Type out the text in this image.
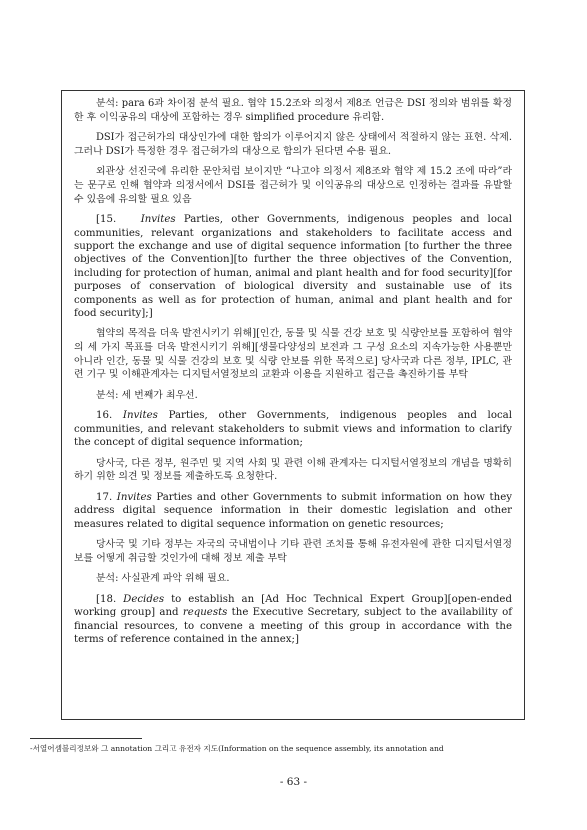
분석: para 6과 차이점 분석 필요. 협약 15.2조와 의정서 제8조 언급은 DSI 정의와 범위를 확정한 후 이익공유의 대상에 포함하는 경우 simplified procedure 유리함.

DSI가 접근허가의 대상인가에 대한 합의가 이루어지지 않은 상태에서 적절하지 않는 표현. 삭제. 그러나 DSI가 특정한 경우 접근허가의 대상으로 합의가 된다면 수용 필요.

외관상 선진국에 유리한 문안처럼 보이지만 “나고야 의정서 제8조와 협약 제 15.2 조에 따라”라는 문구로 인해 협약과 의정서에서 DSI를 접근허가 및 이익공유의 대상으로 인정하는 결과를 유발할 수 있음에 유의할 필요 있음

[15.   Invites Parties, other Governments, indigenous peoples and local communities, relevant organizations and stakeholders to facilitate access and support the exchange and use of digital sequence information [to further the three objectives of the Convention][to further the three objectives of the Convention, including for protection of human, animal and plant health and for food security][for purposes of conservation of biological diversity and sustainable use of its components as well as for protection of human, animal and plant health and for food security];]

협약의 목적을 더욱 발전시키기 위해][인간, 동물 및 식물 건강 보호 및 식량안보를 포함하여 협약의 세 가지 목표를 더욱 발전시키기 위해][생물다양성의 보전과 그 구성 요소의 지속가능한 사용뿐만 아니라 인간, 동물 및 식물 건강의 보호 및 식량 안보를 위한 목적으로] 당사국과 다른 정부, IPLC, 관련 기구 및 이해관계자는 디지털서열정보의 교환과 이용을 지원하고 접근을 촉진하기를 부탁

분석: 세 번째가 최우선.

16. Invites Parties, other Governments, indigenous peoples and local communities, and relevant stakeholders to submit views and information to clarify the concept of digital sequence information;

당사국, 다른 정부, 원주민 및 지역 사회 및 관련 이해 관계자는 디지털서열정보의 개념을 명확히 하기 위한 의견 및 정보를 제출하도록 요청한다.

17. Invites Parties and other Governments to submit information on how they address digital sequence information in their domestic legislation and other measures related to digital sequence information on genetic resources;

당사국 및 기타 정부는 자국의 국내법이나 기타 관련 조치를 통해 유전자원에 관한 디지털서열정보를 어떻게 취급할 것인가에 대해 정보 제출 부탁

분석: 사실관계 파악 위해 필요.

[18. Decides to establish an [Ad Hoc Technical Expert Group][open-ended working group] and requests the Executive Secretary, subject to the availability of financial resources, to convene a meeting of this group in accordance with the terms of reference contained in the annex;]

-서열어셈블리정보와 그 annotation 그리고 유전자 지도(Information on the sequence assembly, its annotation and
- 63 -
